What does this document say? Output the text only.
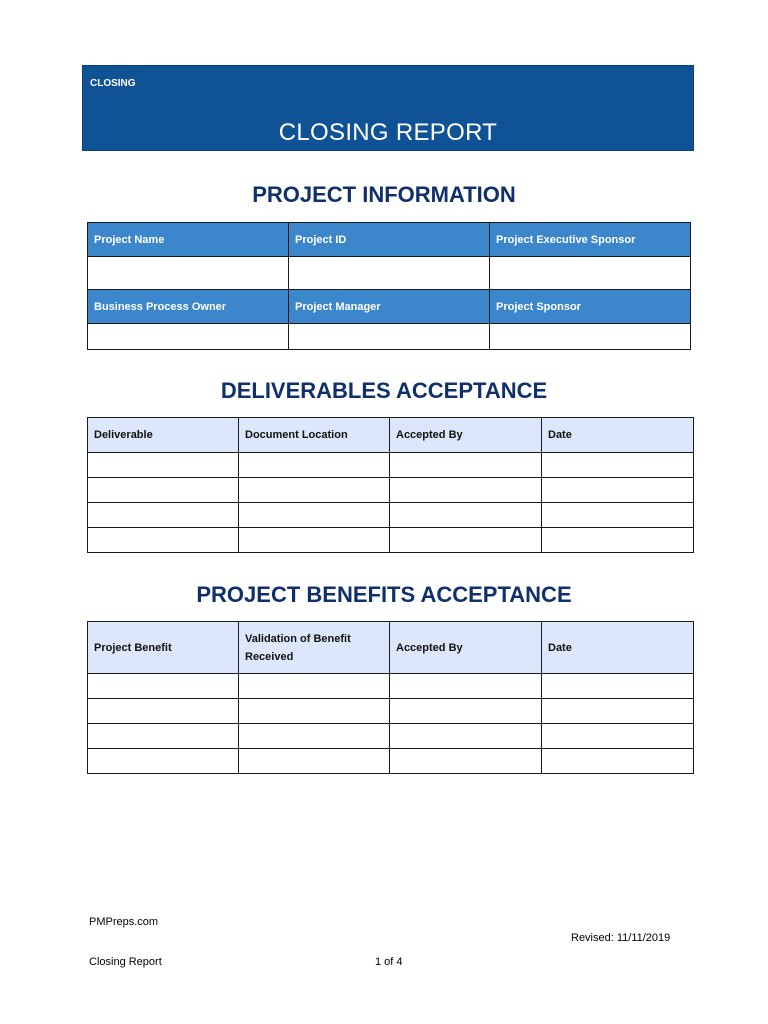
CLOSING
CLOSING REPORT
PROJECT INFORMATION
Project Name	Project ID	Project Executive Sponsor

Business Process Owner	Project Manager	Project Sponsor

DELIVERABLES ACCEPTANCE
Deliverable	Document Location	Accepted By	Date

PROJECT BENEFITS ACCEPTANCE
Project Benefit	Validation of Benefit Received	Accepted By	Date

PMPreps.com
Revised: 11/11/2019
Closing Report	1 of 4
